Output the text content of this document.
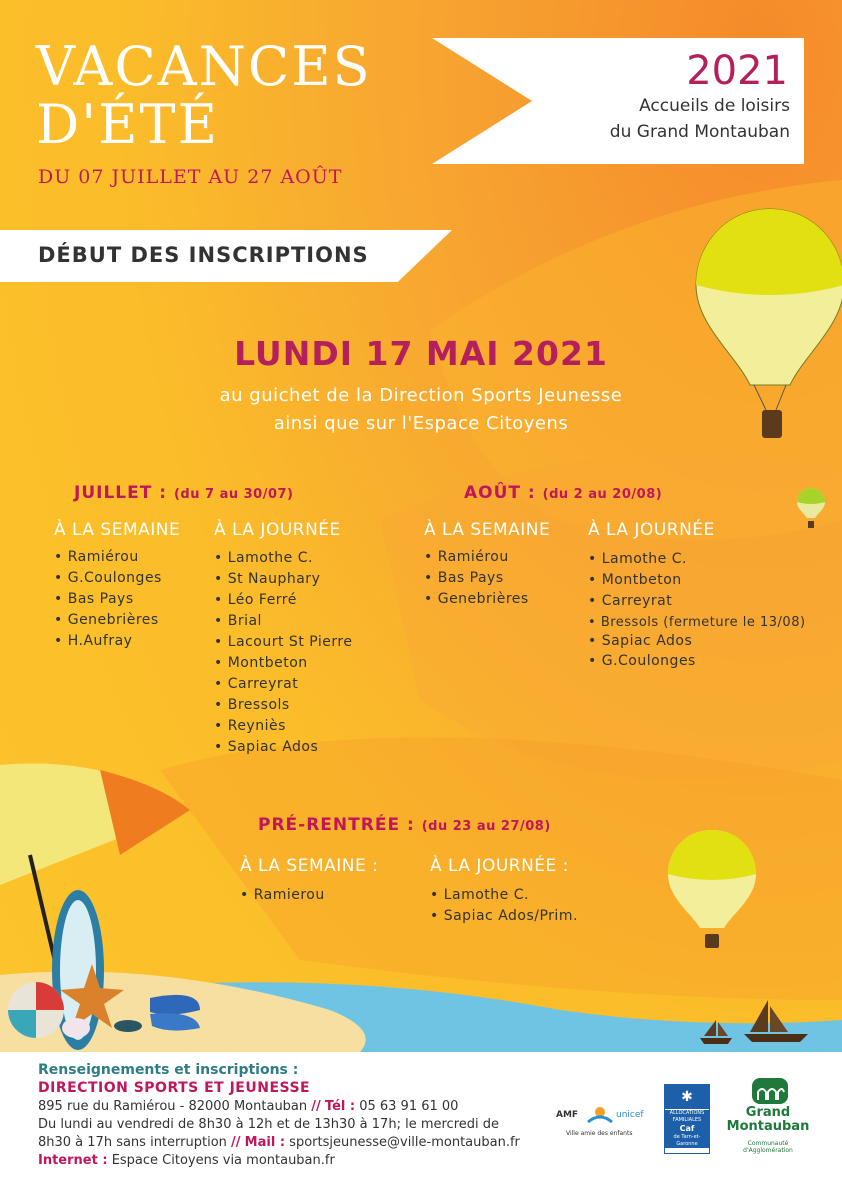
VACANCES
D'ÉTÉ
DU 07 JUILLET AU 27 AOÛT
2021
Accueils de loisirs
du Grand Montauban
DÉBUT DES INSCRIPTIONS
LUNDI 17 MAI 2021
au guichet de la Direction Sports Jeunesse
ainsi que sur l'Espace Citoyens
JUILLET : (du 7 au 30/07)
À LA SEMAINE À LA JOURNÉE
• Ramiérou
• G.Coulonges
• Bas Pays
• Genebrières
• H.Aufray
• Lamothe C.
• St Nauphary
• Léo Ferré
• Brial
• Lacourt St Pierre
• Montbeton
• Carreyrat
• Bressols
• Reyniès
• Sapiac Ados
AOÛT : (du 2 au 20/08)
À LA SEMAINE À LA JOURNÉE
• Ramiérou
• Bas Pays
• Genebrières
• Lamothe C.
• Montbeton
• Carreyrat
• Bressols (fermeture le 13/08)
• Sapiac Ados
• G.Coulonges
PRÉ-RENTRÉE : (du 23 au 27/08)
À LA SEMAINE :	À LA JOURNÉE :
• Ramierou
•	Lamothe C.
• Sapiac Ados/Prim.
Renseignements et inscriptions :
DIRECTION SPORTS ET JEUNESSE
895 rue du Ramiérou - 82000 Montauban // Tél : 05 63 91 61 00
Du lundi au vendredi de 8h30 à 12h et de 13h30 à 17h; le mercredi de
8h30 à 17h sans interruption // Mail : sportsjeunesse@ville-montauban.fr
Internet : Espace Citoyens via montauban.fr
AMF	unicef
Ville amie des enfants
✱
ALLOCATIONS
FAMILIALES
Caf
de Tarn-et-Garonne
Grand
Montauban
Communauté d'Agglomération
